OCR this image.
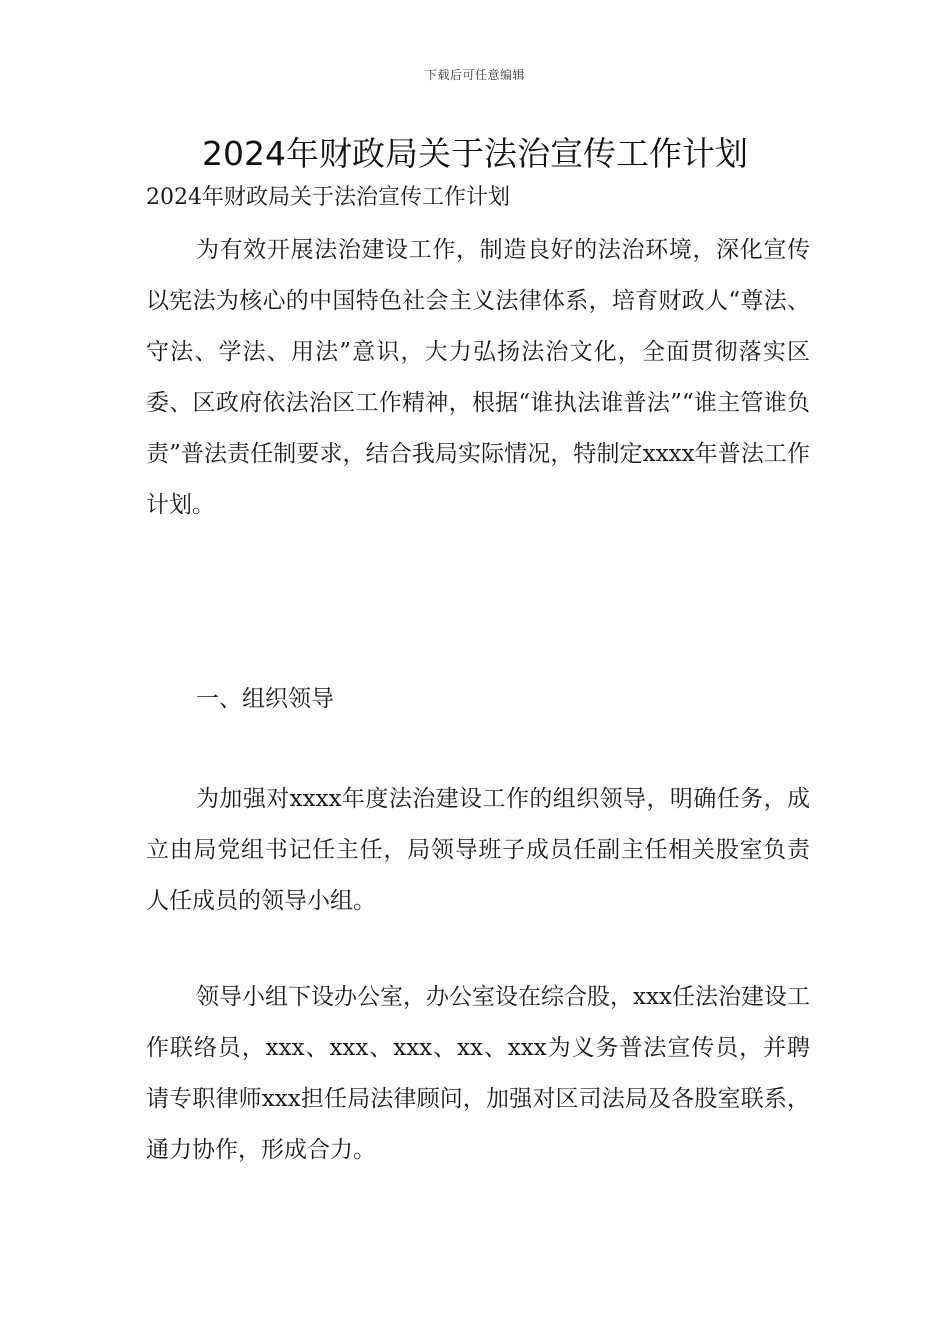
下载后可任意编辑
2024年财政局关于法治宣传工作计划

2024年财政局关于法治宣传工作计划

为有效开展法治建设工作，制造良好的法治环境，深化宣传以宪法为核心的中国特色社会主义法律体系，培育财政人“尊法、守法、学法、用法”意识，大力弘扬法治文化，全面贯彻落实区委、区政府依法治区工作精神，根据“谁执法谁普法”“谁主管谁负责”普法责任制要求，结合我局实际情况，特制定xxxx年普法工作计划。

一、组织领导

为加强对xxxx年度法治建设工作的组织领导，明确任务，成立由局党组书记任主任，局领导班子成员任副主任相关股室负责人任成员的领导小组。

领导小组下设办公室，办公室设在综合股，xxx任法治建设工作联络员，xxx、xxx、xxx、xx、xxx为义务普法宣传员，并聘请专职律师xxx担任局法律顾问，加强对区司法局及各股室联系，通力协作，形成合力。
